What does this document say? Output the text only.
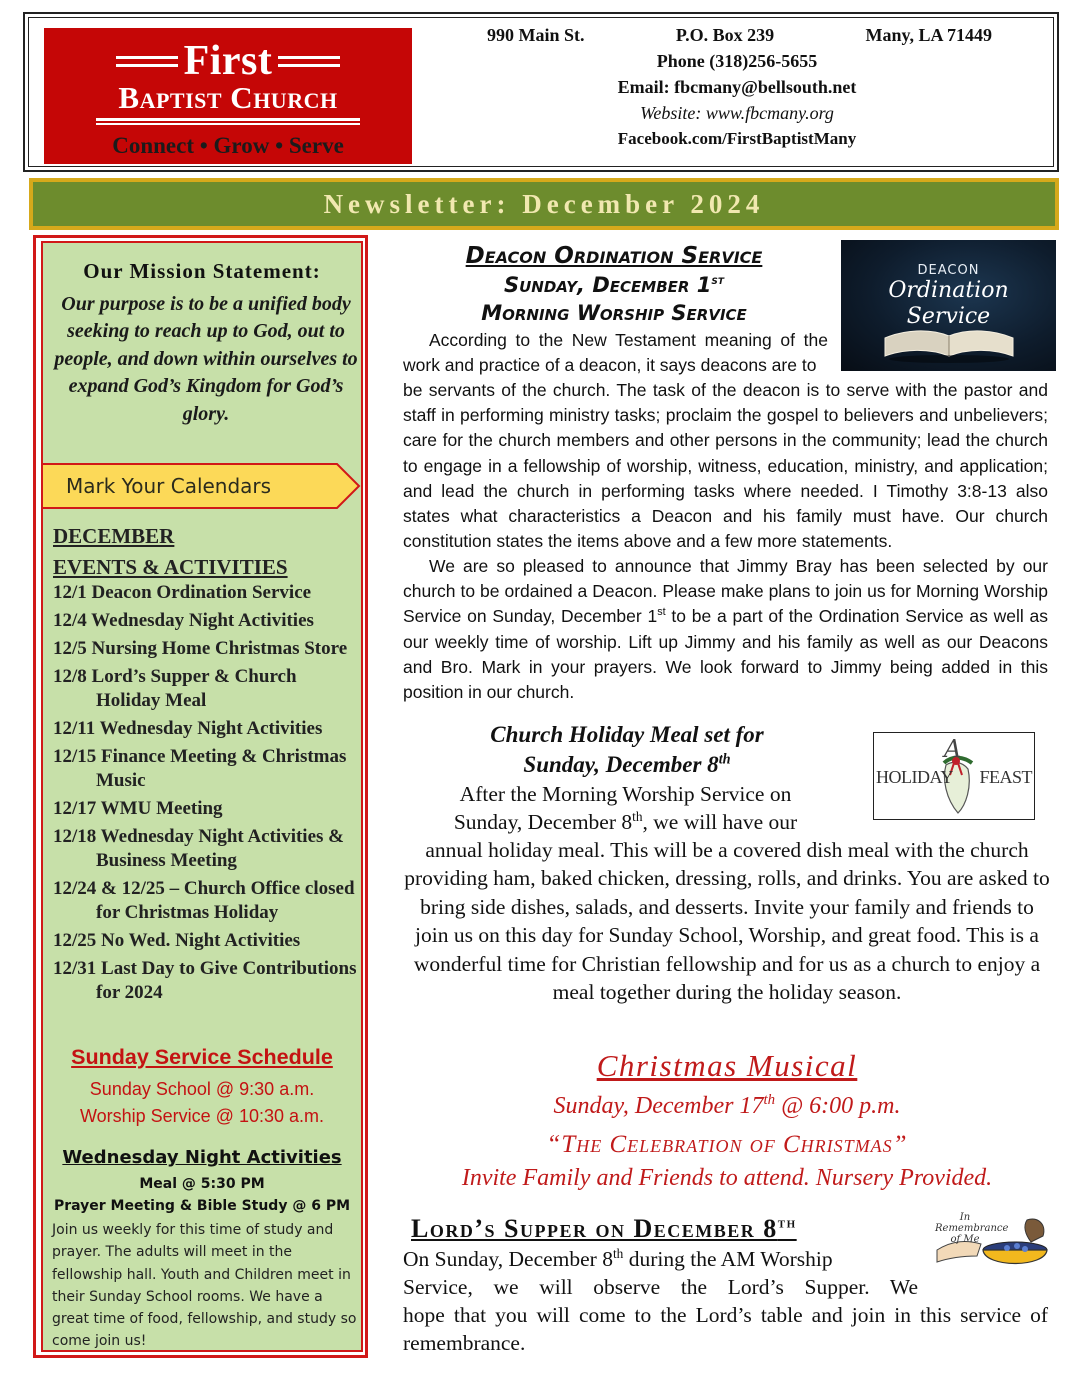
First
Baptist Church
Connect • Grow • Serve
990 Main St.	P.O. Box 239	Many, LA 71449
Phone (318)256-5655
Email: fbcmany@bellsouth.net
Website: www.fbcmany.org
Facebook.com/FirstBaptistMany
Newsletter: December 2024
Our Mission Statement:
Our purpose is to be a unified body seeking to reach up to God, out to people, and down within ourselves to expand God’s Kingdom for God’s glory.
Mark Your Calendars
DECEMBER
EVENTS & ACTIVITIES
12/1 Deacon Ordination Service
12/4 Wednesday Night Activities
12/5 Nursing Home Christmas Store
12/8 Lord’s Supper & Church Holiday Meal
12/11 Wednesday Night Activities
12/15 Finance Meeting & Christmas Music
12/17 WMU Meeting
12/18 Wednesday Night Activities & Business Meeting
12/24 & 12/25 – Church Office closed for Christmas Holiday
12/25 No Wed. Night Activities
12/31 Last Day to Give Contributions for 2024
Sunday Service Schedule
Sunday School @ 9:30 a.m.
Worship Service @ 10:30 a.m.
Wednesday Night Activities
Meal @ 5:30 PM
Prayer Meeting & Bible Study @ 6 PM
Join us weekly for this time of study and prayer. The adults will meet in the fellowship hall. Youth and Children meet in their Sunday School rooms. We have a great time of food, fellowship, and study so come join us!
Deacon Ordination Service
Sunday, December 1st
Morning Worship Service
DEACON
Ordination
Service
According to the New Testament meaning of the work and practice of a deacon, it says deacons are to
be servants of the church. The task of the deacon is to serve with the pastor and staff in performing ministry tasks; proclaim the gospel to believers and unbelievers; care for the church members and other persons in the community; lead the church to engage in a fellowship of worship, witness, education, ministry, and application; and lead the church in performing tasks where needed. I Timothy 3:8-13 also states what characteristics a Deacon and his family must have. Our church constitution states the items above and a few more statements.
We are so pleased to announce that Jimmy Bray has been selected by our church to be ordained a Deacon. Please make plans to join us for Morning Worship Service on Sunday, December 1st to be a part of the Ordination Service as well as our weekly time of worship. Lift up Jimmy and his family as well as our Deacons and Bro. Mark in your prayers. We look forward to Jimmy being added in this position in our church.
Church Holiday Meal set for
Sunday, December 8th	A
HOLIDAY FEAST
After the Morning Worship Service on
Sunday, December 8th, we will have our
annual holiday meal. This will be a covered dish meal with the church providing ham, baked chicken, dressing, rolls, and drinks. You are asked to bring side dishes, salads, and desserts. Invite your family and friends to join us on this day for Sunday School, Worship, and great food. This is a wonderful time for Christian fellowship and for us as a church to enjoy a meal together during the holiday season.
Christmas Musical
Sunday, December 17th @ 6:00 p.m.
“The Celebration of Christmas”
Invite Family and Friends to attend. Nursery Provided.
Lord’s Supper on December 8th	In Remembrance of Me
On Sunday, December 8th during the AM Worship
Service, we will observe the Lord’s Supper. We
hope that you will come to the Lord’s table and join in this service of remembrance.
